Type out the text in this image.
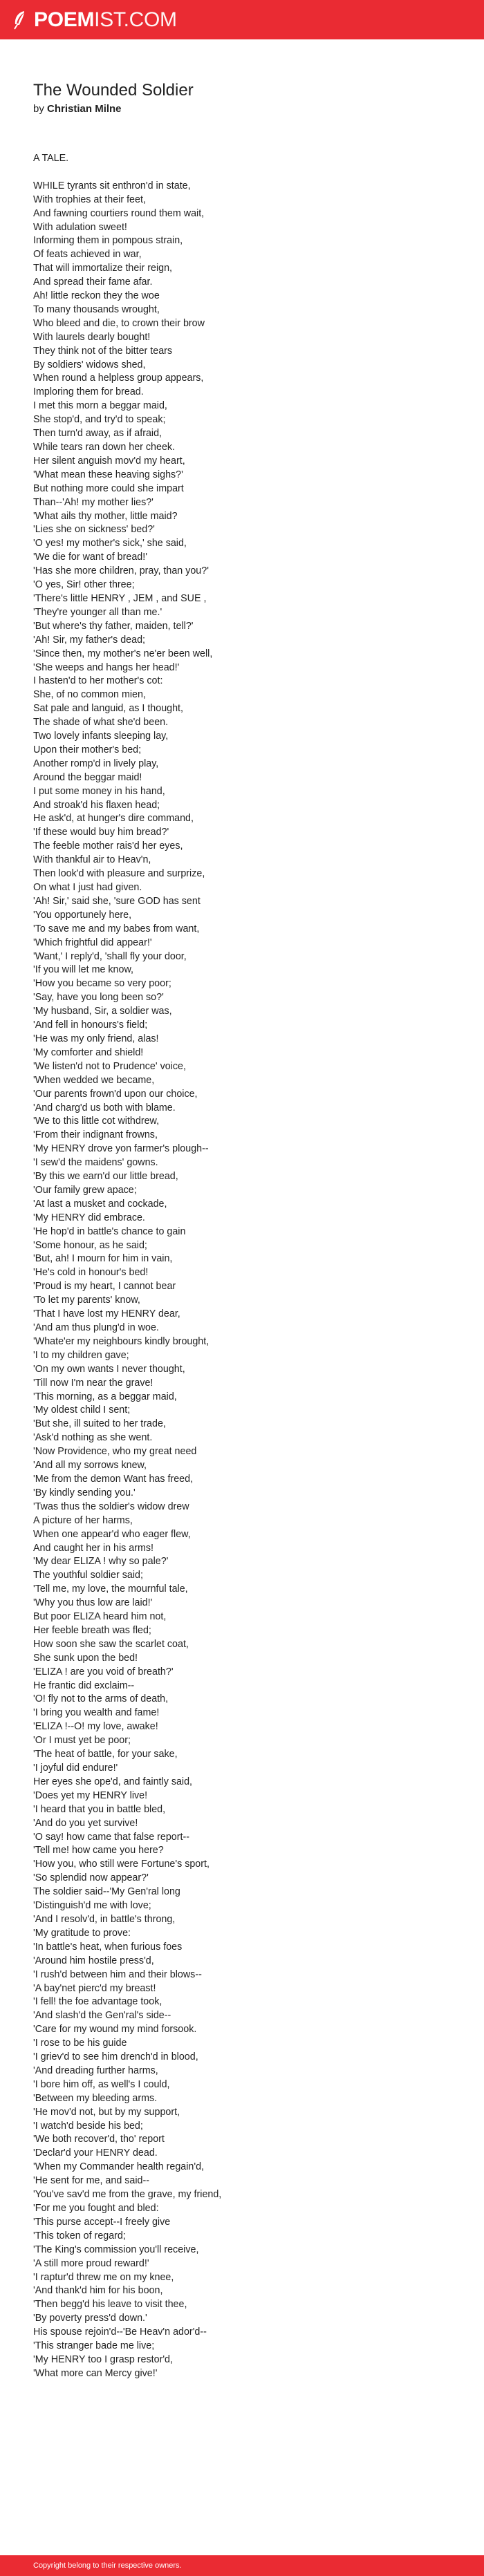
POEMIST.COM
The Wounded Soldier
by Christian Milne
A TALE.
WHILE tyrants sit enthron'd in state,
With trophies at their feet,
And fawning courtiers round them wait,
With adulation sweet!
Informing them in pompous strain,
Of feats achieved in war,
That will immortalize their reign,
And spread their fame afar.
Ah! little reckon they the woe
To many thousands wrought,
Who bleed and die, to crown their brow
With laurels dearly bought!
They think not of the bitter tears
By soldiers' widows shed,
When round a helpless group appears,
Imploring them for bread.
I met this morn a beggar maid,
She stop'd, and try'd to speak;
Then turn'd away, as if afraid,
While tears ran down her cheek.
Her silent anguish mov'd my heart,
'What mean these heaving sighs?'
But nothing more could she impart
Than--'Ah! my mother lies?'
'What ails thy mother, little maid?
'Lies she on sickness' bed?'
'O yes! my mother's sick,' she said,
'We die for want of bread!'
'Has she more children, pray, than you?'
'O yes, Sir! other three;
'There's little HENRY , JEM , and SUE ,
'They're younger all than me.'
'But where's thy father, maiden, tell?'
'Ah! Sir, my father's dead;
'Since then, my mother's ne'er been well,
'She weeps and hangs her head!'
I hasten'd to her mother's cot:
She, of no common mien,
Sat pale and languid, as I thought,
The shade of what she'd been.
Two lovely infants sleeping lay,
Upon their mother's bed;
Another romp'd in lively play,
Around the beggar maid!
I put some money in his hand,
And stroak'd his flaxen head;
He ask'd, at hunger's dire command,
'If these would buy him bread?'
The feeble mother rais'd her eyes,
With thankful air to Heav'n,
Then look'd with pleasure and surprize,
On what I just had given.
'Ah! Sir,' said she, 'sure GOD has sent
'You opportunely here,
'To save me and my babes from want,
'Which frightful did appear!'
'Want,' I reply'd, 'shall fly your door,
'If you will let me know,
'How you became so very poor;
'Say, have you long been so?'
'My husband, Sir, a soldier was,
'And fell in honours's field;
'He was my only friend, alas!
'My comforter and shield!
'We listen'd not to Prudence' voice,
'When wedded we became,
'Our parents frown'd upon our choice,
'And charg'd us both with blame.
'We to this little cot withdrew,
'From their indignant frowns,
'My HENRY drove yon farmer's plough--
'I sew'd the maidens' gowns.
'By this we earn'd our little bread,
'Our family grew apace;
'At last a musket and cockade,
'My HENRY did embrace.
'He hop'd in battle's chance to gain
'Some honour, as he said;
'But, ah! I mourn for him in vain,
'He's cold in honour's bed!
'Proud is my heart, I cannot bear
'To let my parents' know,
'That I have lost my HENRY dear,
'And am thus plung'd in woe.
'Whate'er my neighbours kindly brought,
'I to my children gave;
'On my own wants I never thought,
'Till now I'm near the grave!
'This morning, as a beggar maid,
'My oldest child I sent;
'But she, ill suited to her trade,
'Ask'd nothing as she went.
'Now Providence, who my great need
'And all my sorrows knew,
'Me from the demon Want has freed,
'By kindly sending you.'
'Twas thus the soldier's widow drew
A picture of her harms,
When one appear'd who eager flew,
And caught her in his arms!
'My dear ELIZA ! why so pale?'
The youthful soldier said;
'Tell me, my love, the mournful tale,
'Why you thus low are laid!'
But poor ELIZA heard him not,
Her feeble breath was fled;
How soon she saw the scarlet coat,
She sunk upon the bed!
'ELIZA ! are you void of breath?'
He frantic did exclaim--
'O! fly not to the arms of death,
'I bring you wealth and fame!
'ELIZA !--O! my love, awake!
'Or I must yet be poor;
'The heat of battle, for your sake,
'I joyful did endure!'
Her eyes she ope'd, and faintly said,
'Does yet my HENRY live!
'I heard that you in battle bled,
'And do you yet survive!
'O say! how came that false report--
'Tell me! how came you here?
'How you, who still were Fortune's sport,
'So splendid now appear?'
The soldier said--'My Gen'ral long
'Distinguish'd me with love;
'And I resolv'd, in battle's throng,
'My gratitude to prove:
'In battle's heat, when furious foes
'Around him hostile press'd,
'I rush'd between him and their blows--
'A bay'net pierc'd my breast!
'I fell! the foe advantage took,
'And slash'd the Gen'ral's side--
'Care for my wound my mind forsook.
'I rose to be his guide
'I griev'd to see him drench'd in blood,
'And dreading further harms,
'I bore him off, as well's I could,
'Between my bleeding arms.
'He mov'd not, but by my support,
'I watch'd beside his bed;
'We both recover'd, tho' report
'Declar'd your HENRY dead.
'When my Commander health regain'd,
'He sent for me, and said--
'You've sav'd me from the grave, my friend,
'For me you fought and bled:
'This purse accept--I freely give
'This token of regard;
'The King's commission you'll receive,
'A still more proud reward!'
'I raptur'd threw me on my knee,
'And thank'd him for his boon,
'Then begg'd his leave to visit thee,
'By poverty press'd down.'
His spouse rejoin'd--'Be Heav'n ador'd--
'This stranger bade me live;
'My HENRY too I grasp restor'd,
'What more can Mercy give!'
Copyright belong to their respective owners.
